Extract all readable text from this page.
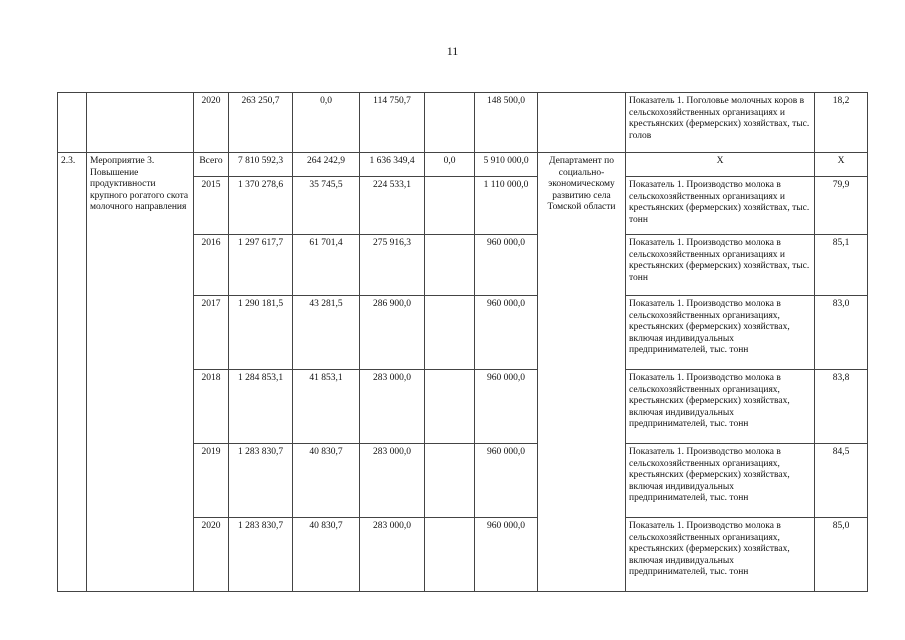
11
		2020	263 250,7	0,0	114 750,7		148 500,0		Показатель 1. Поголовье молочных коров в сельскохозяйственных организациях и крестьянских (фермерских) хозяйствах, тыс. голов	18,2
2.3.	Мероприятие 3. Повышение продуктивности крупного рогатого скота молочного направления	Всего	7 810 592,3	264 242,9	1 636 349,4	0,0	5 910 000,0	Департамент по социально-экономическому развитию села Томской области	Х	Х
		2015	1 370 278,6	35 745,5	224 533,1		1 110 000,0		Показатель 1. Производство молока в сельскохозяйственных организациях и крестьянских (фермерских) хозяйствах, тыс. тонн	79,9
		2016	1 297 617,7	61 701,4	275 916,3		960 000,0		Показатель 1. Производство молока в сельскохозяйственных организациях и крестьянских (фермерских) хозяйствах, тыс. тонн	85,1
		2017	1 290 181,5	43 281,5	286 900,0		960 000,0		Показатель 1. Производство молока в сельскохозяйственных организациях, крестьянских (фермерских) хозяйствах, включая индивидуальных предпринимателей, тыс. тонн	83,0
		2018	1 284 853,1	41 853,1	283 000,0		960 000,0		Показатель 1. Производство молока в сельскохозяйственных организациях, крестьянских (фермерских) хозяйствах, включая индивидуальных предпринимателей, тыс. тонн	83,8
		2019	1 283 830,7	40 830,7	283 000,0		960 000,0		Показатель 1. Производство молока в сельскохозяйственных организациях, крестьянских (фермерских) хозяйствах, включая индивидуальных предпринимателей, тыс. тонн	84,5
		2020	1 283 830,7	40 830,7	283 000,0		960 000,0		Показатель 1. Производство молока в сельскохозяйственных организациях, крестьянских (фермерских) хозяйствах, включая индивидуальных предпринимателей, тыс. тонн	85,0
